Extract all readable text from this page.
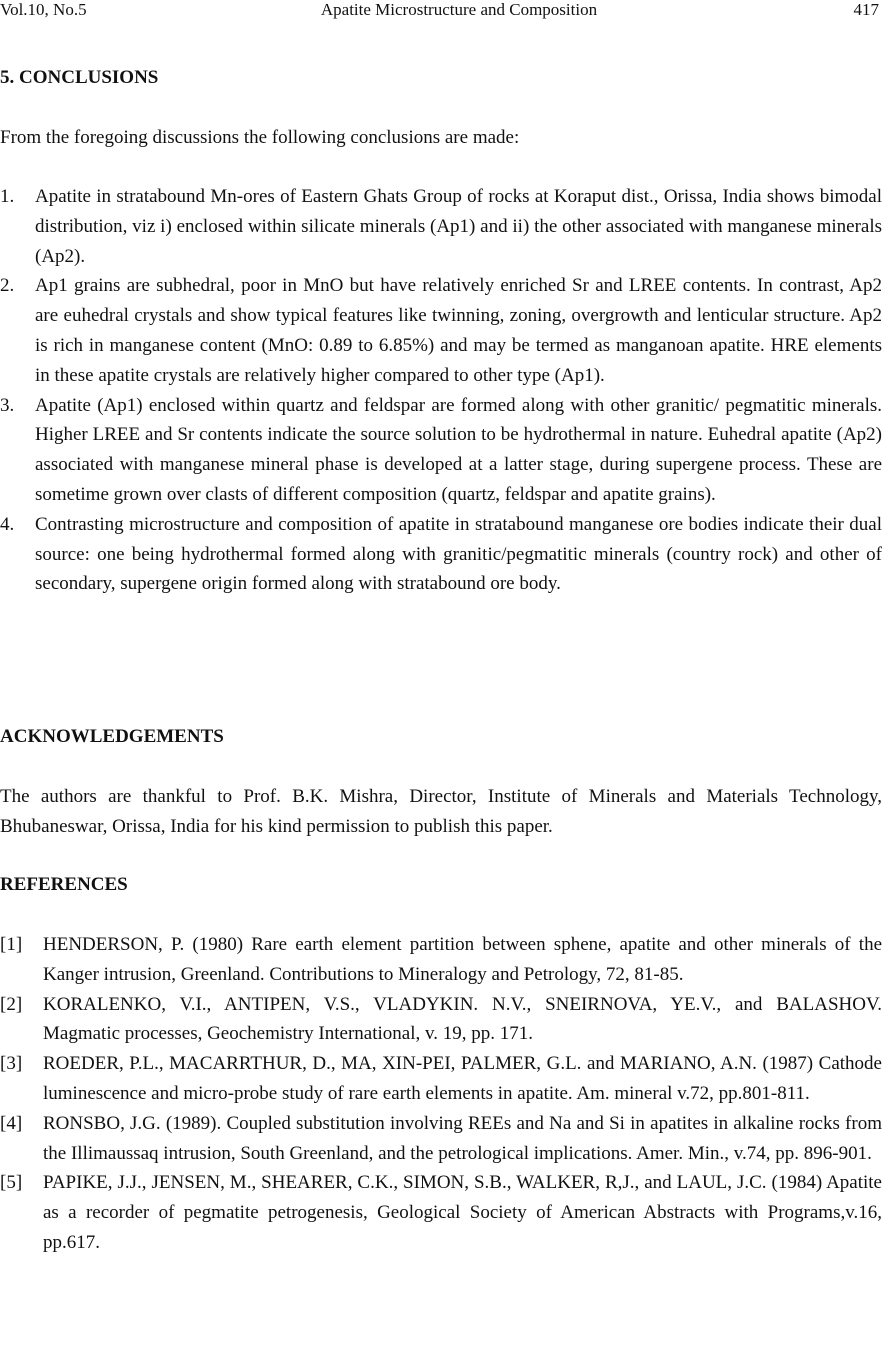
Vol.10, No.5	Apatite Microstructure and Composition	417
5. CONCLUSIONS
From the foregoing discussions the following conclusions are made:
1. Apatite in stratabound Mn-ores of Eastern Ghats Group of rocks at Koraput dist., Orissa, India shows bimodal distribution, viz i) enclosed within silicate minerals (Ap1) and ii) the other associated with manganese minerals (Ap2).
2. Ap1 grains are subhedral, poor in MnO but have relatively enriched Sr and LREE contents. In contrast, Ap2 are euhedral crystals and show typical features like twinning, zoning, overgrowth and lenticular structure. Ap2 is rich in manganese content (MnO: 0.89 to 6.85%) and may be termed as manganoan apatite. HRE elements in these apatite crystals are relatively higher compared to other type (Ap1).
3. Apatite (Ap1) enclosed within quartz and feldspar are formed along with other granitic/ pegmatitic minerals. Higher LREE and Sr contents indicate the source solution to be hydrothermal in nature. Euhedral apatite (Ap2) associated with manganese mineral phase is developed at a latter stage, during supergene process. These are sometime grown over clasts of different composition (quartz, feldspar and apatite grains).
4. Contrasting microstructure and composition of apatite in stratabound manganese ore bodies indicate their dual source: one being hydrothermal formed along with granitic/pegmatitic minerals (country rock) and other of secondary, supergene origin formed along with stratabound ore body.
ACKNOWLEDGEMENTS
The authors are thankful to Prof. B.K. Mishra, Director, Institute of Minerals and Materials Technology, Bhubaneswar, Orissa, India for his kind permission to publish this paper.
REFERENCES
[1] HENDERSON, P. (1980) Rare earth element partition between sphene, apatite and other minerals of the Kanger intrusion, Greenland. Contributions to Mineralogy and Petrology, 72, 81-85.
[2] KORALENKO, V.I., ANTIPEN, V.S., VLADYKIN. N.V., SNEIRNOVA, YE.V., and BALASHOV. Magmatic processes, Geochemistry International, v. 19, pp. 171.
[3] ROEDER, P.L., MACARRTHUR, D., MA, XIN-PEI, PALMER, G.L. and MARIANO, A.N. (1987) Cathode luminescence and micro-probe study of rare earth elements in apatite. Am. mineral v.72, pp.801-811.
[4] RONSBO, J.G. (1989). Coupled substitution involving REEs and Na and Si in apatites in alkaline rocks from the Illimaussaq intrusion, South Greenland, and the petrological implications. Amer. Min., v.74, pp. 896-901.
[5] PAPIKE, J.J., JENSEN, M., SHEARER, C.K., SIMON, S.B., WALKER, R,J., and LAUL, J.C. (1984) Apatite as a recorder of pegmatite petrogenesis, Geological Society of American Abstracts with Programs,v.16, pp.617.
